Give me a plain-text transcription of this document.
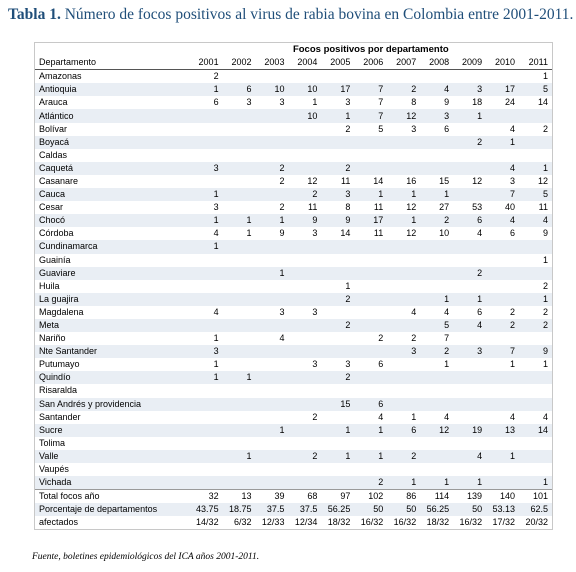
Tabla 1. Número de focos positivos al virus de rabia bovina en Colombia entre 2001-2011.
	Focos positivos por departamento										
Departamento	2001	2002	2003	2004	2005	2006	2007	2008	2009	2010	2011
Amazonas	2										1
Antioquia	1	6	10	10	17	7	2	4	3	17	5
Arauca	6	3	3	1	3	7	8	9	18	24	14
Atlántico				10	1	7	12	3	1		
Bolívar					2	5	3	6		4	2
Boyacá									2	1	
Caldas											
Caquetá	3		2		2					4	1
Casanare			2	12	11	14	16	15	12	3	12
Cauca	1			2	3	1	1	1		7	5
Cesar	3		2	11	8	11	12	27	53	40	11
Chocó	1	1	1	9	9	17	1	2	6	4	4
Córdoba	4	1	9	3	14	11	12	10	4	6	9
Cundinamarca	1										
Guainía											1
Guaviare			1						2		
Huila					1						2
La guajira					2			1	1		1
Magdalena	4		3	3			4	4	6	2	2
Meta					2			5	4	2	2
Nariño	1		4			2	2	7			
Nte Santander	3						3	2	3	7	9
Putumayo	1			3	3	6		1		1	1
Quindío	1	1			2						
Risaralda											
San Andrés y providencia					15	6					
Santander				2		4	1	4		4	4
Sucre			1		1	1	6	12	19	13	14
Tolima											
Valle		1		2	1	1	2		4	1	
Vaupés											
Vichada						2	1	1	1		1
Total focos año	32	13	39	68	97	102	86	114	139	140	101
Porcentaje de departamentos	43.75	18.75	37.5	37.5	56.25	50	50	56.25	50	53.13	62.5
afectados	14/32	6/32	12/33	12/34	18/32	16/32	16/32	18/32	16/32	17/32	20/32
Fuente, boletines epidemiológicos del ICA años 2001-2011.
